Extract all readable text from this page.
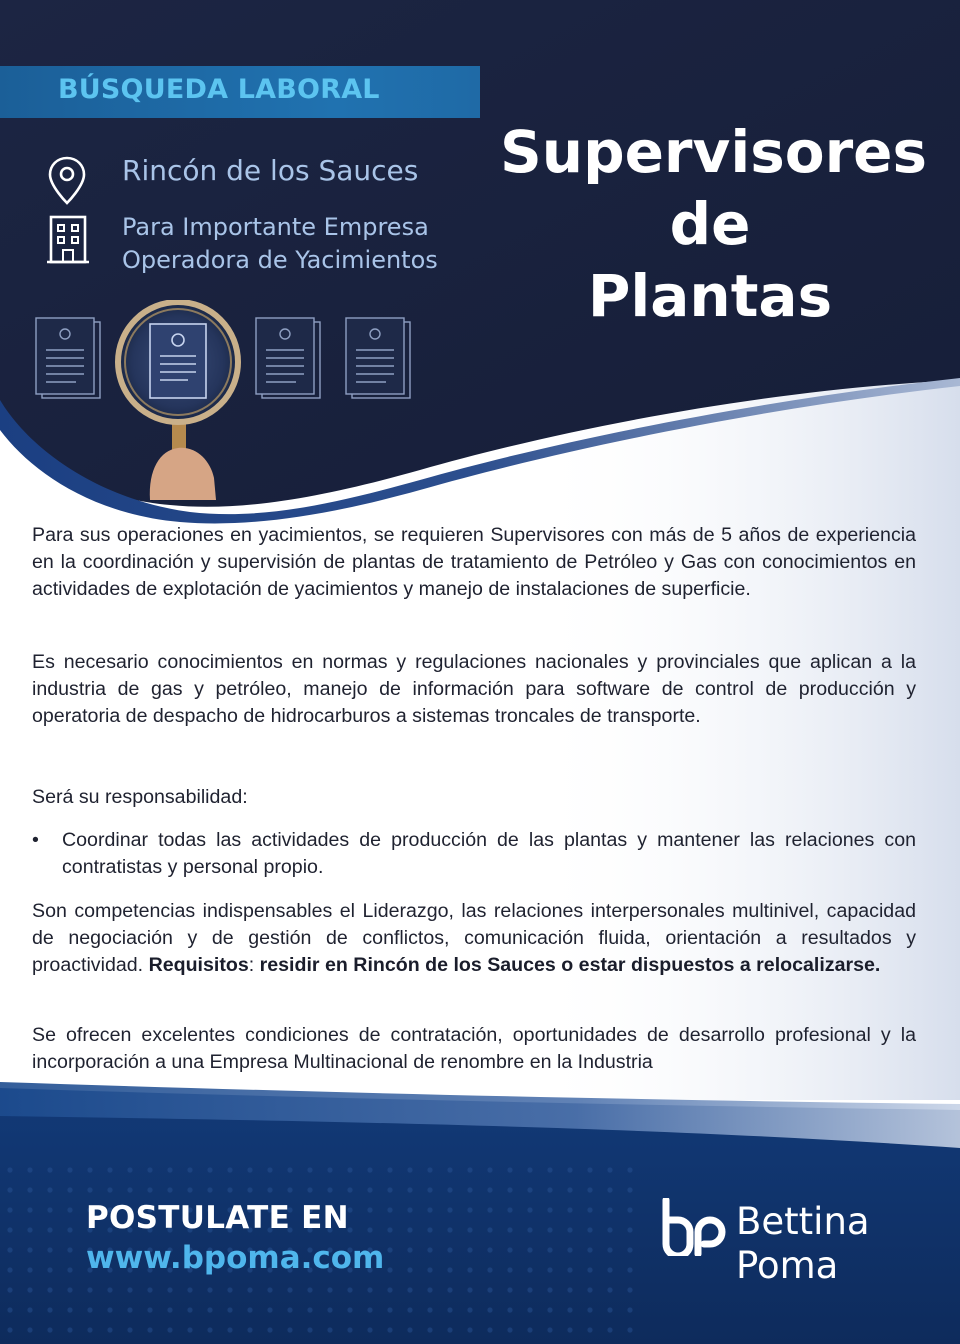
BÚSQUEDA LABORAL
Rincón de los Sauces
Para Importante Empresa
Operadora de Yacimientos
Supervisores
de
Plantas

Para sus operaciones en yacimientos, se requieren Supervisores con más de 5 años de experiencia en la coordinación y supervisión de plantas de tratamiento de Petróleo y Gas con conocimientos en actividades de explotación de yacimientos y manejo de instalaciones de superficie.

Es necesario conocimientos en normas y regulaciones nacionales y provinciales que aplican a la industria de gas y petróleo, manejo de información para software de control de producción y operatoria de despacho de hidrocarburos a sistemas troncales de transporte.

Será su responsabilidad:

• Coordinar todas las actividades de producción de las plantas y mantener las relaciones con contratistas y personal propio.

Son competencias indispensables el Liderazgo, las relaciones interpersonales multinivel, capacidad de negociación y de gestión de conflictos, comunicación fluida, orientación a resultados y proactividad. Requisitos: residir en Rincón de los Sauces o estar dispuestos a relocalizarse.

Se ofrecen excelentes condiciones de contratación, oportunidades de desarrollo profesional y la incorporación a una Empresa Multinacional de renombre en la Industria

POSTULATE EN
www.bpoma.com
Bettina
Poma
